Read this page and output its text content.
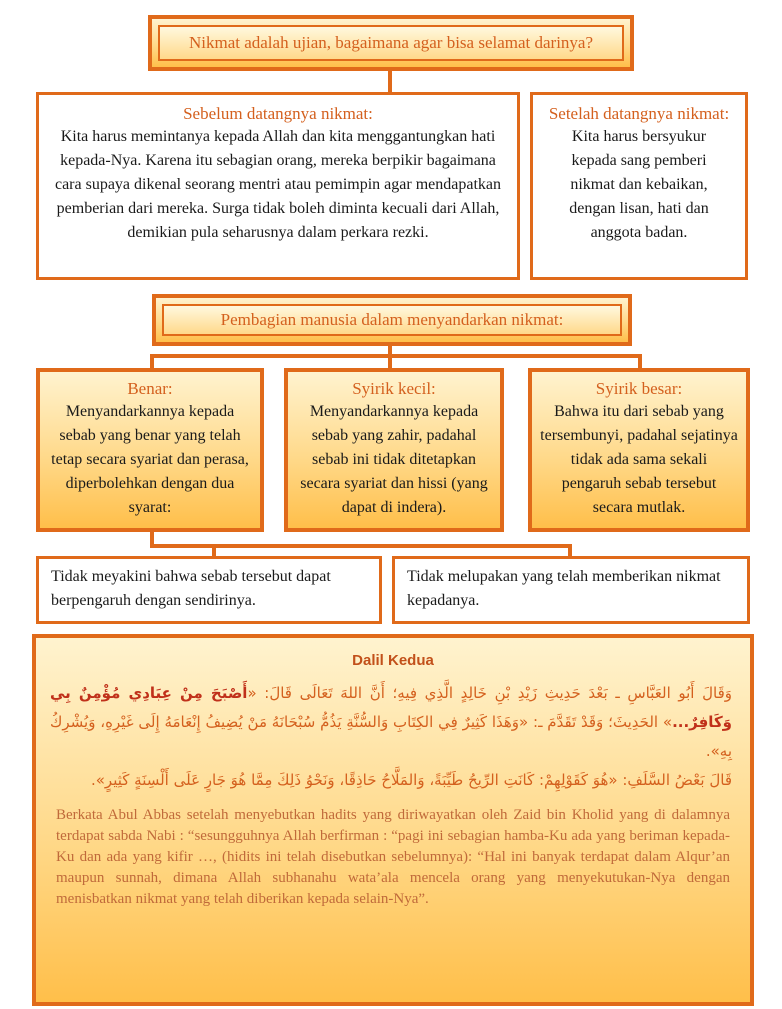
Nikmat adalah ujian, bagaimana agar bisa selamat darinya?
Sebelum datangnya nikmat:
Kita harus memintanya kepada Allah dan kita menggantungkan hati kepada-Nya. Karena itu sebagian orang, mereka berpikir bagaimana cara supaya dikenal seorang mentri atau pemimpin agar mendapatkan pemberian dari mereka. Surga tidak boleh diminta kecuali dari Allah, demikian pula seharusnya dalam perkara rezki.
Setelah datangnya nikmat:
Kita harus bersyukur kepada sang pemberi nikmat dan kebaikan, dengan lisan, hati dan anggota badan.
Pembagian manusia dalam menyandarkan nikmat:
Benar:
Menyandarkannya kepada sebab yang benar yang telah tetap secara syariat dan perasa, diperbolehkan dengan dua syarat:
Syirik kecil:
Menyandarkannya kepada sebab yang zahir, padahal sebab ini tidak ditetapkan secara syariat dan hissi (yang dapat di indera).
Syirik besar:
Bahwa itu dari sebab yang tersembunyi, padahal sejatinya tidak ada sama sekali pengaruh sebab tersebut secara mutlak.
Tidak meyakini bahwa sebab tersebut dapat berpengaruh dengan sendirinya.
Tidak melupakan yang telah memberikan nikmat kepadanya.
Dalil Kedua
وَقَالَ أَبُو العَبَّاسِ ـ بَعْدَ حَدِيثِ زَيْدِ بْنِ خَالِدٍ الَّذِي فِيهِ؛ أَنَّ اللهَ تَعَالَى قَالَ: «أَصْبَحَ مِنْ عِبَادِي مُؤْمِنٌ بِي وَكَافِرٌ...» الحَدِيثَ؛ وَقَدْ تَقَدَّمَ ـ: «وَهَذَا كَثِيرٌ فِي الكِتَابِ وَالسُّنَّةِ يَذُمُّ سُبْحَانَهُ مَنْ يُضِيفُ إِنْعَامَهُ إِلَى غَيْرِهِ، وَيُشْرِكُ بِهِ».
قَالَ بَعْضُ السَّلَفِ: «هُوَ كَقَوْلِهِمْ: كَانَتِ الرِّيحُ طَيِّبَةً، وَالمَلَّاحُ حَاذِقًا، وَنَحْوُ ذَلِكَ مِمَّا هُوَ جَارٍ عَلَى أَلْسِنَةٍ كَثِيرٍ».
Berkata Abul Abbas setelah menyebutkan hadits yang diriwayatkan oleh Zaid bin Kholid yang di dalamnya terdapat sabda Nabi : “sesungguhnya Allah berfirman : “pagi ini sebagian hamba-Ku ada yang beriman kepada-Ku dan ada yang kifir …, (hidits ini telah disebutkan sebelumnya): “Hal ini banyak terdapat dalam Alqur’an maupun sunnah, dimana Allah subhanahu wata’ala mencela orang yang menyekutukan-Nya dengan menisbatkan nikmat yang telah diberikan kepada selain-Nya”.
